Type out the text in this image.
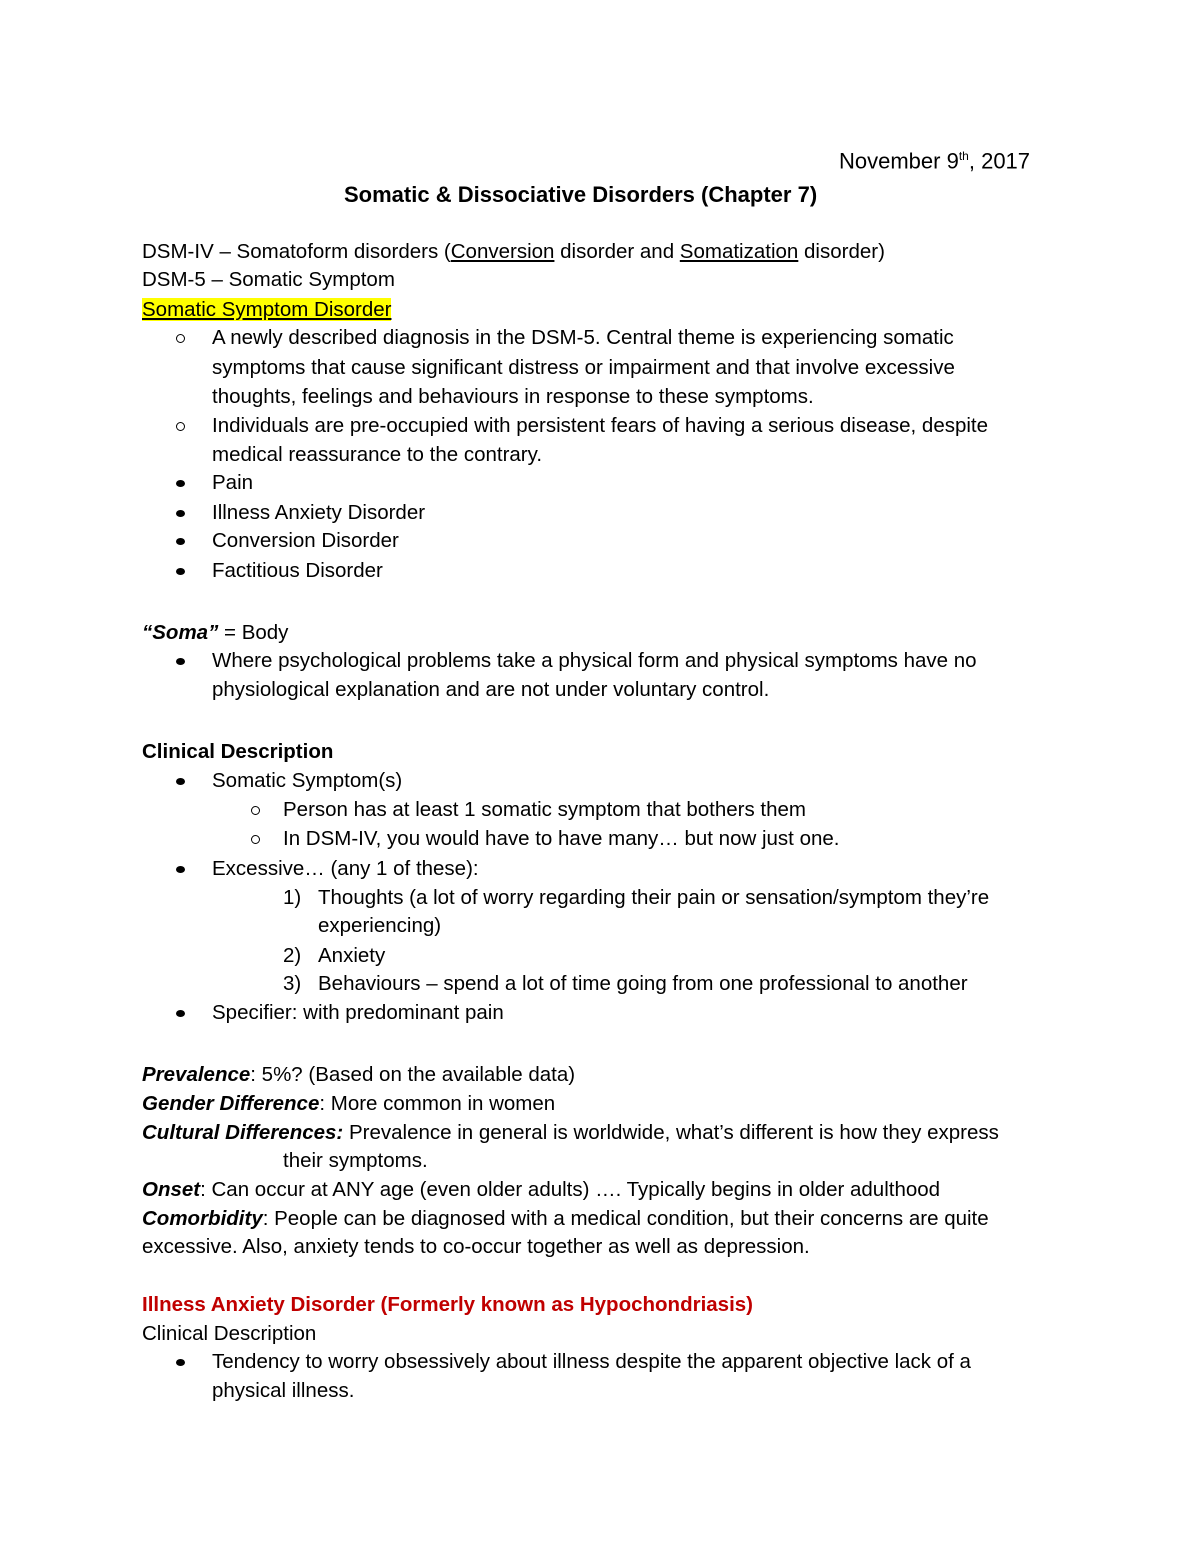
November 9th, 2017
Somatic & Dissociative Disorders (Chapter 7)
DSM-IV – Somatoform disorders (Conversion disorder and Somatization disorder)
DSM-5 – Somatic Symptom
Somatic Symptom Disorder
A newly described diagnosis in the DSM-5. Central theme is experiencing somatic
symptoms that cause significant distress or impairment and that involve excessive
thoughts, feelings and behaviours in response to these symptoms.
Individuals are pre-occupied with persistent fears of having a serious disease, despite
medical reassurance to the contrary.
Pain
Illness Anxiety Disorder
Conversion Disorder
Factitious Disorder
“Soma” = Body
Where psychological problems take a physical form and physical symptoms have no
physiological explanation and are not under voluntary control.
Clinical Description
Somatic Symptom(s)
Person has at least 1 somatic symptom that bothers them
In DSM-IV, you would have to have many… but now just one.
Excessive… (any 1 of these):
1) Thoughts (a lot of worry regarding their pain or sensation/symptom they’re
experiencing)
2) Anxiety
3) Behaviours – spend a lot of time going from one professional to another
Specifier: with predominant pain
Prevalence: 5%? (Based on the available data)
Gender Difference: More common in women
Cultural Differences: Prevalence in general is worldwide, what’s different is how they express
their symptoms.
Onset: Can occur at ANY age (even older adults) …. Typically begins in older adulthood
Comorbidity: People can be diagnosed with a medical condition, but their concerns are quite
excessive. Also, anxiety tends to co-occur together as well as depression.
Illness Anxiety Disorder (Formerly known as Hypochondriasis)
Clinical Description
Tendency to worry obsessively about illness despite the apparent objective lack of a
physical illness.
